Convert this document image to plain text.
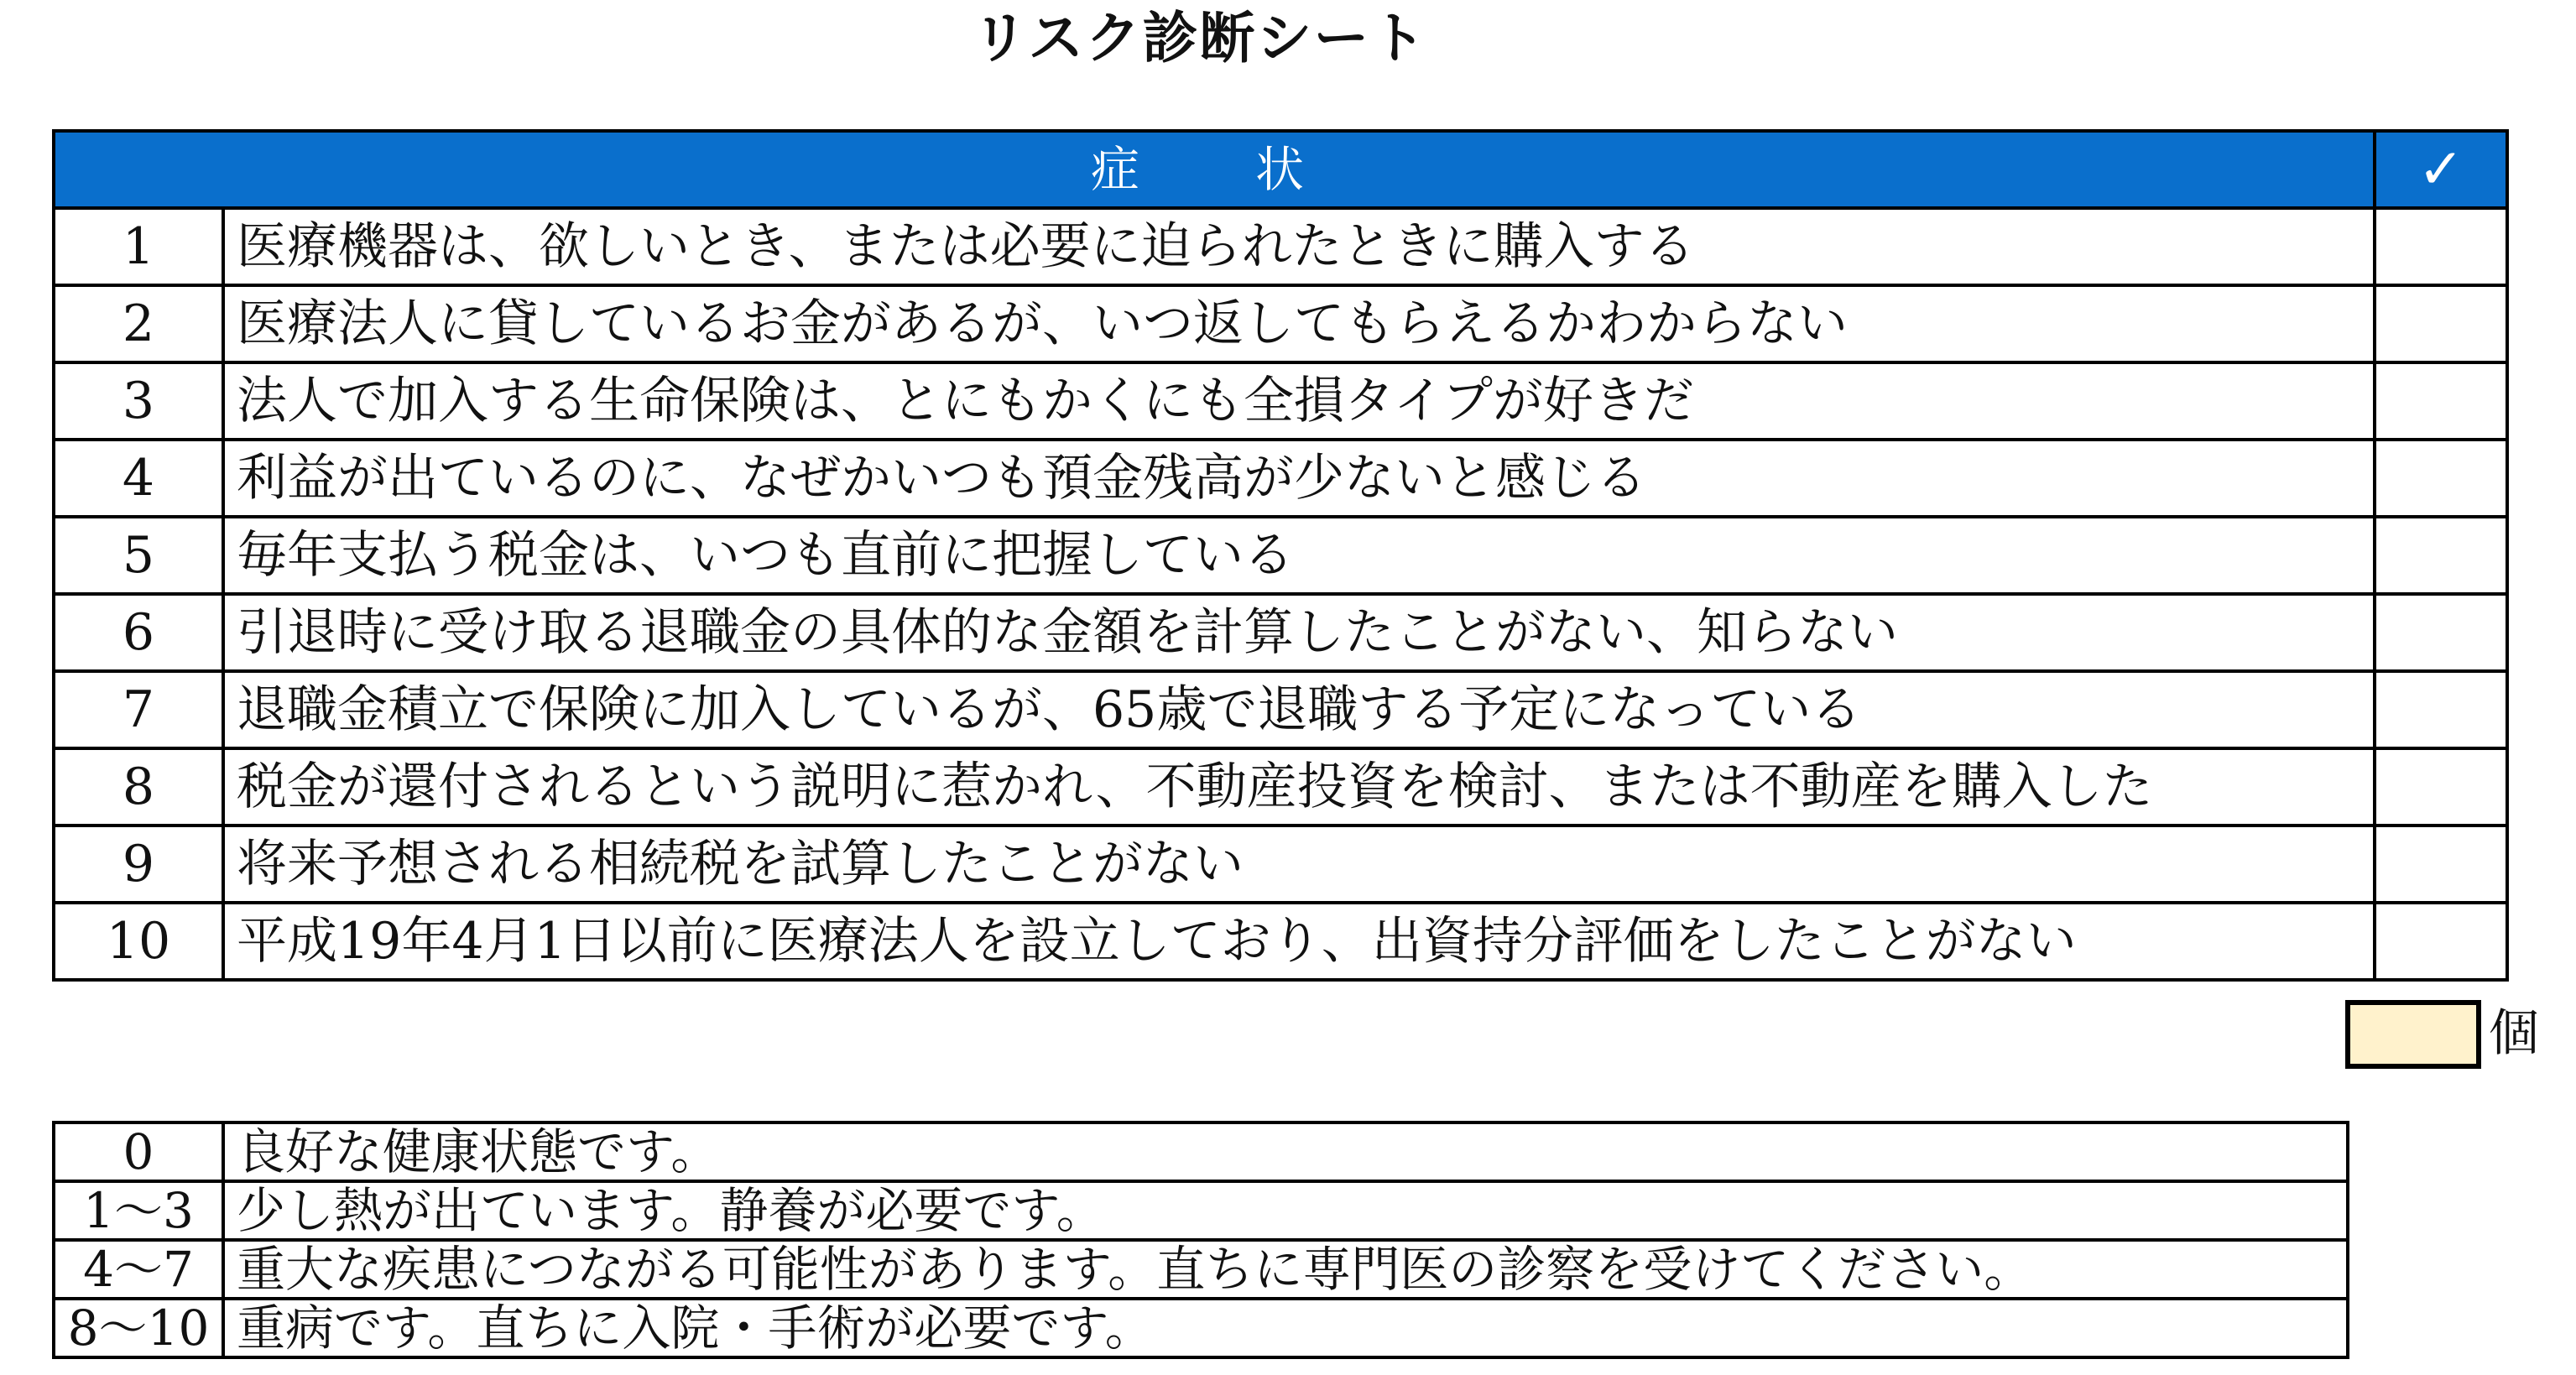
リスク診断シート
症　状		✓
1	医療機器は、欲しいとき、または必要に迫られたときに購入する	
2	医療法人に貸しているお金があるが、いつ返してもらえるかわからない	
3	法人で加入する生命保険は、とにもかくにも全損タイプが好きだ	
4	利益が出ているのに、なぜかいつも預金残高が少ないと感じる	
5	毎年支払う税金は、いつも直前に把握している	
6	引退時に受け取る退職金の具体的な金額を計算したことがない、知らない	
7	退職金積立で保険に加入しているが、65歳で退職する予定になっている	
8	税金が還付されるという説明に惹かれ、不動産投資を検討、または不動産を購入した	
9	将来予想される相続税を試算したことがない	
10	平成19年4月1日以前に医療法人を設立しており、出資持分評価をしたことがない	
個
0	良好な健康状態です。
1～3	少し熱が出ています。静養が必要です。
4～7	重大な疾患につながる可能性があります。直ちに専門医の診察を受けてください。
8～10	重病です。直ちに入院・手術が必要です。
